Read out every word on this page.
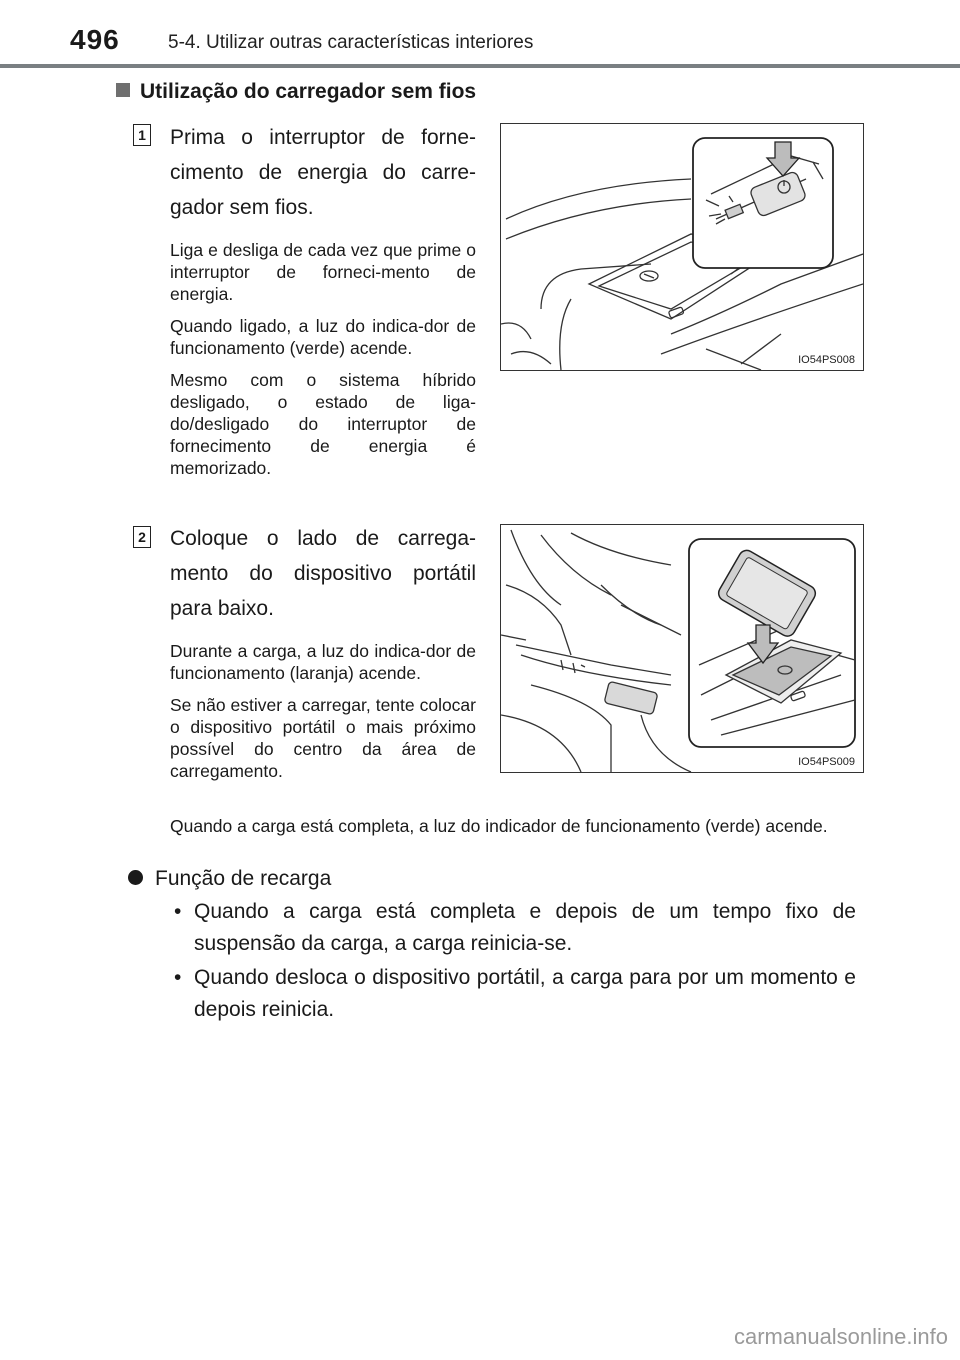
496	5-4. Utilizar outras características interiores
Utilização do carregador sem fios
1 Prima o interruptor de forne-cimento de energia do carre-gador sem fios.

Liga e desliga de cada vez que prime o interruptor de forneci-mento de energia.

Quando ligado, a luz do indica-dor de funcionamento (verde) acende.

Mesmo com o sistema híbrido desligado, o estado de liga-do/desligado do interruptor de fornecimento de energia é memorizado.

IO54PS008
2 Coloque o lado de carrega-mento do dispositivo portátil para baixo.

Durante a carga, a luz do indica-dor de funcionamento (laranja) acende.

Se não estiver a carregar, tente colocar o dispositivo portátil o mais próximo possível do centro da área de carregamento.	IO54PS009

Quando a carga está completa, a luz do indicador de funcionamento (verde) acende.

Função de recarga

• Quando a carga está completa e depois de um tempo fixo de suspensão da carga, a carga reinicia-se.

• Quando desloca o dispositivo portátil, a carga para por um momento e depois reinicia.

carmanualsonline.info
